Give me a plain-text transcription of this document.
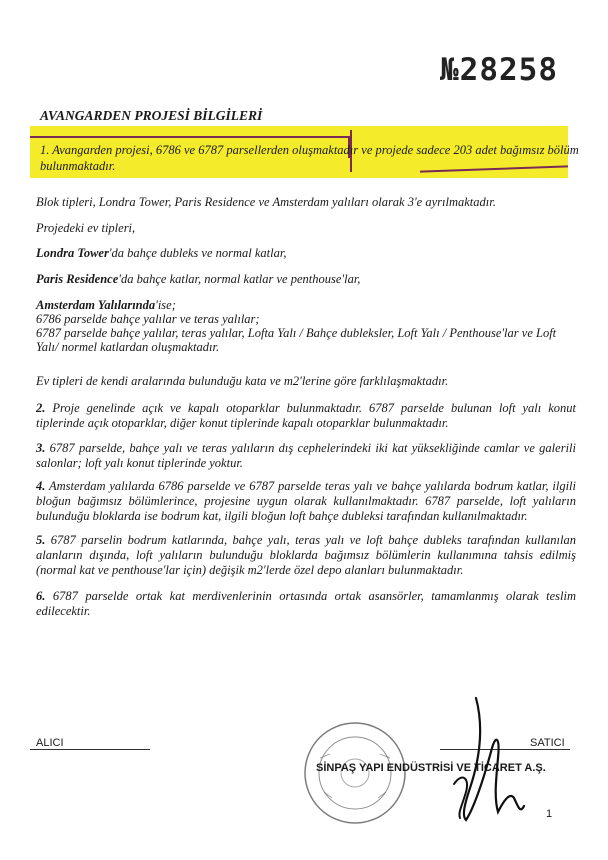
№28258
AVANGARDEN PROJESİ BİLGİLERİ
1. Avangarden projesi, 6786 ve 6787 parsellerden oluşmaktadır ve projede sadece 203 adet bağımsız bölüm
bulunmaktadır.
Blok tipleri, Londra Tower, Paris Residence ve Amsterdam yalıları olarak 3'e ayrılmaktadır.
Projedeki ev tipleri,
Londra Tower'da bahçe dubleks ve normal katlar,
Paris Residence'da bahçe katlar, normal katlar ve penthouse'lar,
Amsterdam Yalılarında'ise;
6786 parselde bahçe yalılar ve teras yalılar;
6787 parselde bahçe yalılar, teras yalılar, Lofta Yalı / Bahçe dubleksler, Loft Yalı / Penthouse'lar ve Loft
Yalı/ normel katlardan oluşmaktadır.
Ev tipleri de kendi aralarında bulunduğu kata ve m2'lerine göre farklılaşmaktadır.
2. Proje genelinde açık ve kapalı otoparklar bulunmaktadır. 6787 parselde bulunan loft yalı konut tiplerinde açık otoparklar, diğer konut tiplerinde kapalı otoparklar bulunmaktadır.
3. 6787 parselde, bahçe yalı ve teras yalıların dış cephelerindeki iki kat yüksekliğinde camlar ve galerili salonlar; loft yalı konut tiplerinde yoktur.
4. Amsterdam yalılarda 6786 parselde ve 6787 parselde teras yalı ve bahçe yalılarda bodrum katlar, ilgili bloğun bağımsız bölümlerince, projesine uygun olarak kullanılmaktadır. 6787 parselde, loft yalıların bulunduğu bloklarda ise bodrum kat, ilgili bloğun loft bahçe dubleksi tarafından kullanılmaktadır.
5. 6787 parselin bodrum katlarında, bahçe yalı, teras yalı ve loft bahçe dubleks tarafından kullanılan alanların dışında, loft yalıların bulunduğu bloklarda bağımsız bölümlerin kullanımına tahsis edilmiş (normal kat ve penthouse'lar için) değişik m2'lerde özel depo alanları bulunmaktadır.
6. 6787 parselde ortak kat merdivenlerinin ortasında ortak asansörler, tamamlanmış olarak teslim edilecektir.
ALICI	SATICI
SİNPAŞ YAPI ENDÜSTRİSİ VE TİCARET A.Ş.
1
